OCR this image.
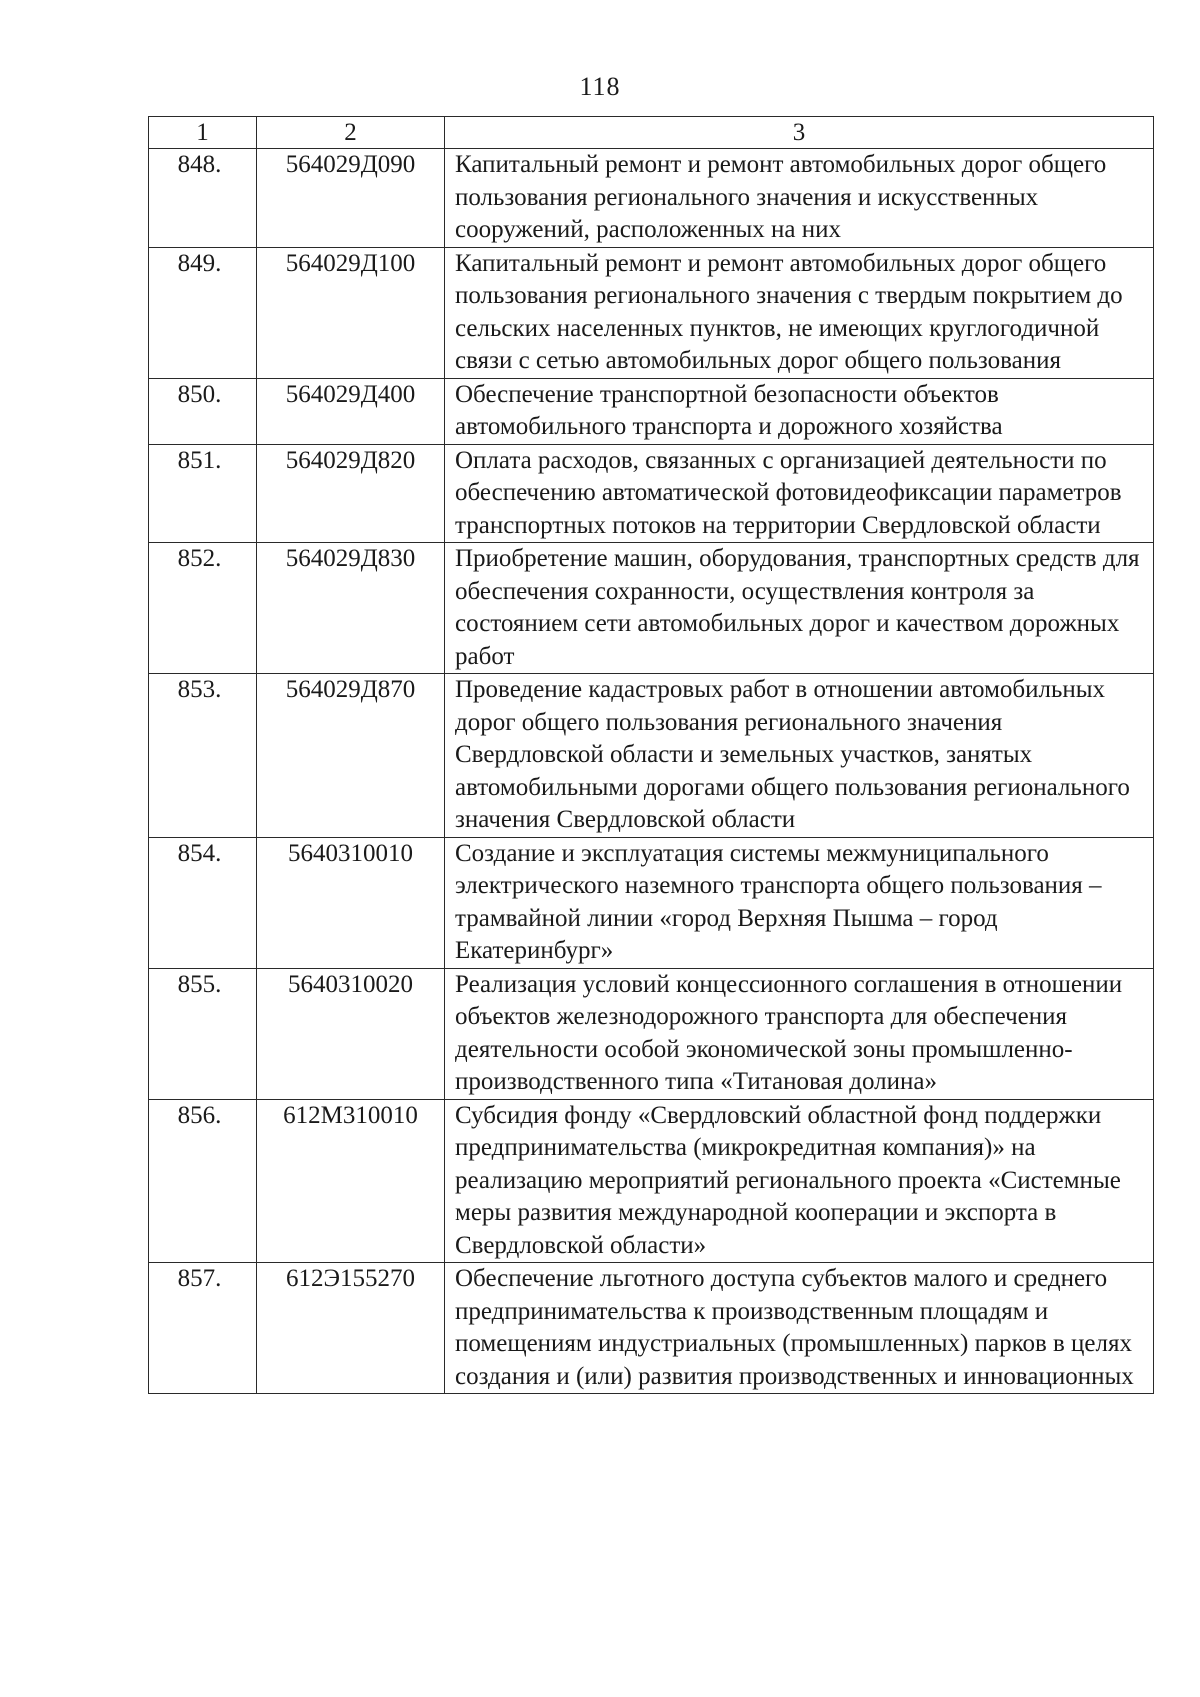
118
1	2	3
848.	564029Д090	Капитальный ремонт и ремонт автомобильных дорог общего пользования регионального значения и искусственных сооружений, расположенных на них
849.	564029Д100	Капитальный ремонт и ремонт автомобильных дорог общего пользования регионального значения с твердым покрытием до сельских населенных пунктов, не имеющих круглогодичной связи с сетью автомобильных дорог общего пользования
850.	564029Д400	Обеспечение транспортной безопасности объектов автомобильного транспорта и дорожного хозяйства
851.	564029Д820	Оплата расходов, связанных с организацией деятельности по обеспечению автоматической фотовидеофиксации параметров транспортных потоков на территории Свердловской области
852.	564029Д830	Приобретение машин, оборудования, транспортных средств для обеспечения сохранности, осуществления контроля за состоянием сети автомобильных дорог и качеством дорожных работ
853.	564029Д870	Проведение кадастровых работ в отношении автомобильных дорог общего пользования регионального значения Свердловской области и земельных участков, занятых автомобильными дорогами общего пользования регионального значения Свердловской области
854.	5640310010	Создание и эксплуатация системы межмуниципального электрического наземного транспорта общего пользования – трамвайной линии «город Верхняя Пышма – город Екатеринбург»
855.	5640310020	Реализация условий концессионного соглашения в отношении объектов железнодорожного транспорта для обеспечения деятельности особой экономической зоны промышленно-производственного типа «Титановая долина»
856.	612М310010	Субсидия фонду «Свердловский областной фонд поддержки предпринимательства (микрокредитная компания)» на реализацию мероприятий регионального проекта «Системные меры развития международной кооперации и экспорта в Свердловской области»
857.	612Э155270	Обеспечение льготного доступа субъектов малого и среднего предпринимательства к производственным площадям и помещениям индустриальных (промышленных) парков в целях создания и (или) развития производственных и инновационных
